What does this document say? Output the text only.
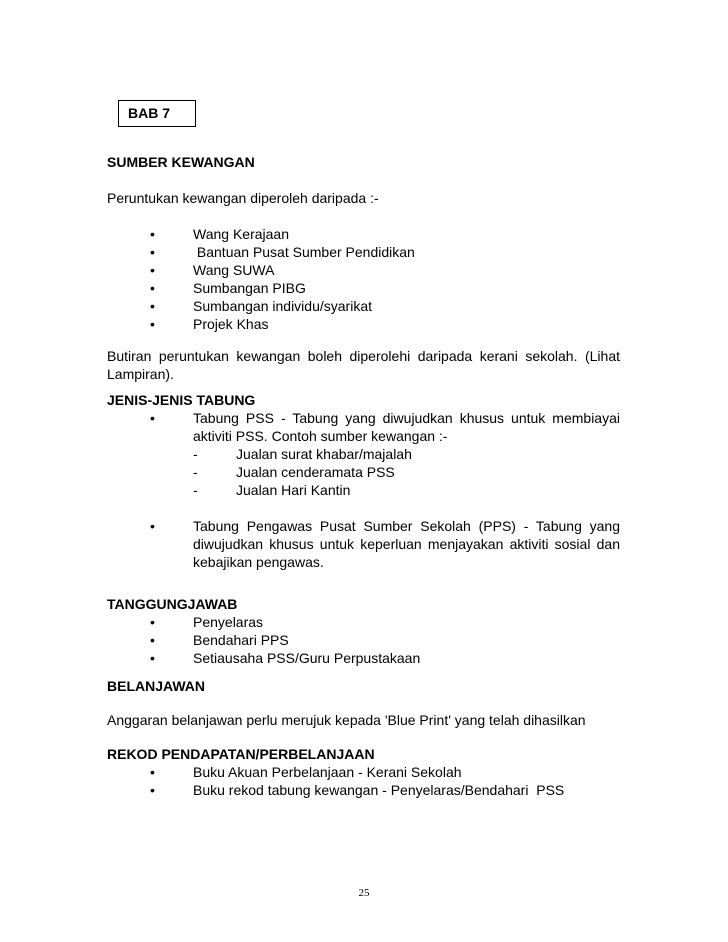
BAB 7
SUMBER KEWANGAN
Peruntukan kewangan diperoleh daripada :-
•	Wang Kerajaan
•	Bantuan Pusat Sumber Pendidikan
•	Wang SUWA
•	Sumbangan PIBG
•	Sumbangan individu/syarikat
•	Projek Khas
Butiran peruntukan kewangan boleh diperolehi daripada kerani sekolah. (Lihat Lampiran).
JENIS-JENIS TABUNG
•	Tabung PSS - Tabung yang diwujudkan khusus untuk membiayai aktiviti PSS. Contoh sumber kewangan :-
-	Jualan surat khabar/majalah
-	Jualan cenderamata PSS
-	Jualan Hari Kantin
•	Tabung Pengawas Pusat Sumber Sekolah (PPS) - Tabung yang diwujudkan khusus untuk keperluan menjayakan aktiviti sosial dan kebajikan pengawas.
TANGGUNGJAWAB
•	Penyelaras
•	Bendahari PPS
•	Setiausaha PSS/Guru Perpustakaan
BELANJAWAN
Anggaran belanjawan perlu merujuk kepada 'Blue Print' yang telah dihasilkan
REKOD PENDAPATAN/PERBELANJAAN
•	Buku Akuan Perbelanjaan - Kerani Sekolah
•	Buku rekod tabung kewangan - Penyelaras/Bendahari  PSS
25
